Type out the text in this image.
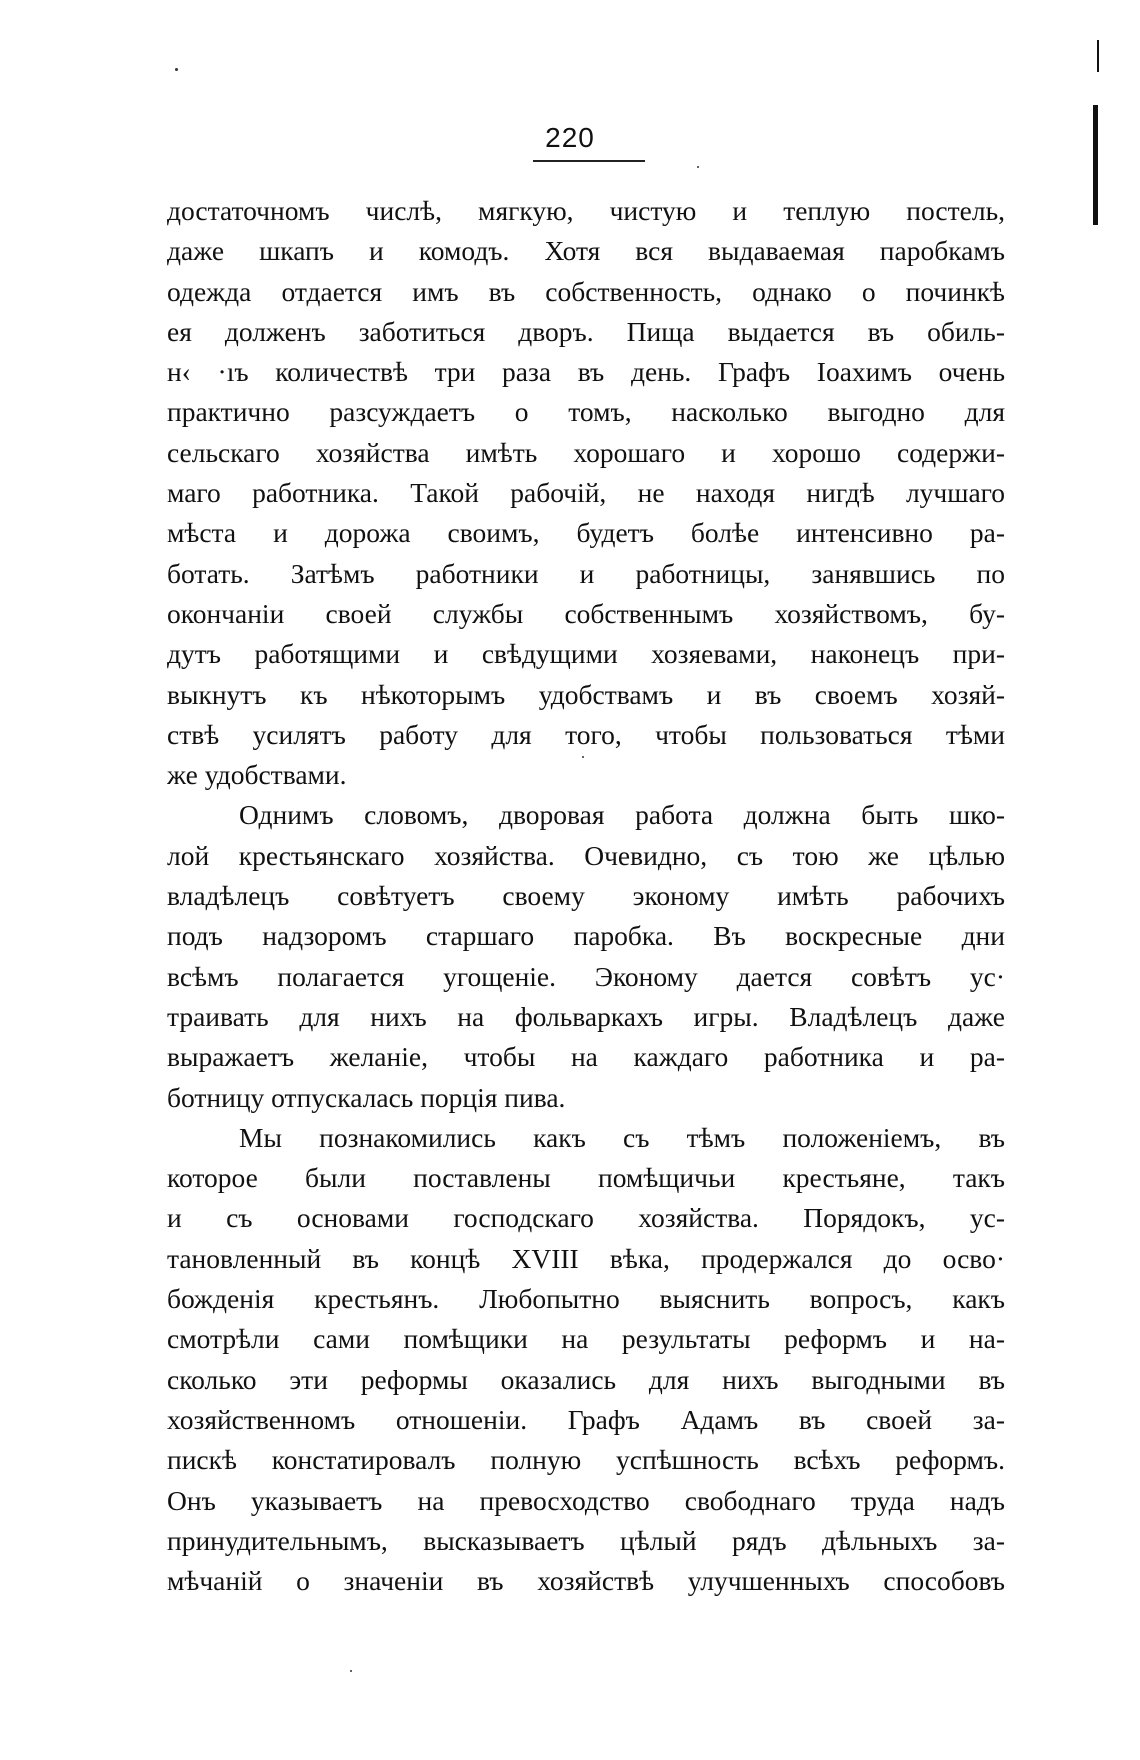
220
достаточномъ числѣ, мягкую, чистую и теплую постель,
даже шкапъ и комодъ. Хотя вся выдаваемая паробкамъ
одежда отдается имъ въ собственность, однако о починкѣ
ея долженъ заботиться дворъ. Пища выдается въ обиль-
н‹ ·ıъ количествѣ три раза въ день. Графъ Іоахимъ очень
практично разсуждаетъ о томъ, насколько выгодно для
сельскаго хозяйства имѣть хорошаго и хорошо содержи-
маго работника. Такой рабочій, не находя нигдѣ лучшаго
мѣста и дорожа своимъ, будетъ болѣе интенсивно ра-
ботать. Затѣмъ работники и работницы, занявшись по
окончаніи своей службы собственнымъ хозяйствомъ, бу-
дутъ работящими и свѣдущими хозяевами, наконецъ при-
выкнутъ къ нѣкоторымъ удобствамъ и въ своемъ хозяй-
ствѣ усилятъ работу для того, чтобы пользоваться тѣми
же удобствами.
Однимъ словомъ, дворовая работа должна быть шко-
лой крестьянскаго хозяйства. Очевидно, съ тою же цѣлью
владѣлецъ совѣтуетъ своему эконому имѣть рабочихъ
подъ надзоромъ старшаго паробка. Въ воскресные дни
всѣмъ полагается угощеніе. Эконому дается совѣтъ ус·
траивать для нихъ на фольваркахъ игры. Владѣлецъ даже
выражаетъ желаніе, чтобы на каждаго работника и ра-
ботницу отпускалась порція пива.
Мы познакомились какъ съ тѣмъ положеніемъ, въ
которое были поставлены помѣщичьи крестьяне, такъ
и съ основами господскаго хозяйства. Порядокъ, ус-
тановленный въ концѣ XVIII вѣка, продержался до осво·
божденія крестьянъ. Любопытно выяснить вопросъ, какъ
смотрѣли сами помѣщики на результаты реформъ и на-
сколько эти реформы оказались для нихъ выгодными въ
хозяйственномъ отношеніи. Графъ Адамъ въ своей за-
пискѣ констатировалъ полную успѣшность всѣхъ реформъ.
Онъ указываетъ на превосходство свободнаго труда надъ
принудительнымъ, высказываетъ цѣлый рядъ дѣльныхъ за-
мѣчаній о значеніи въ хозяйствѣ улучшенныхъ способовъ
